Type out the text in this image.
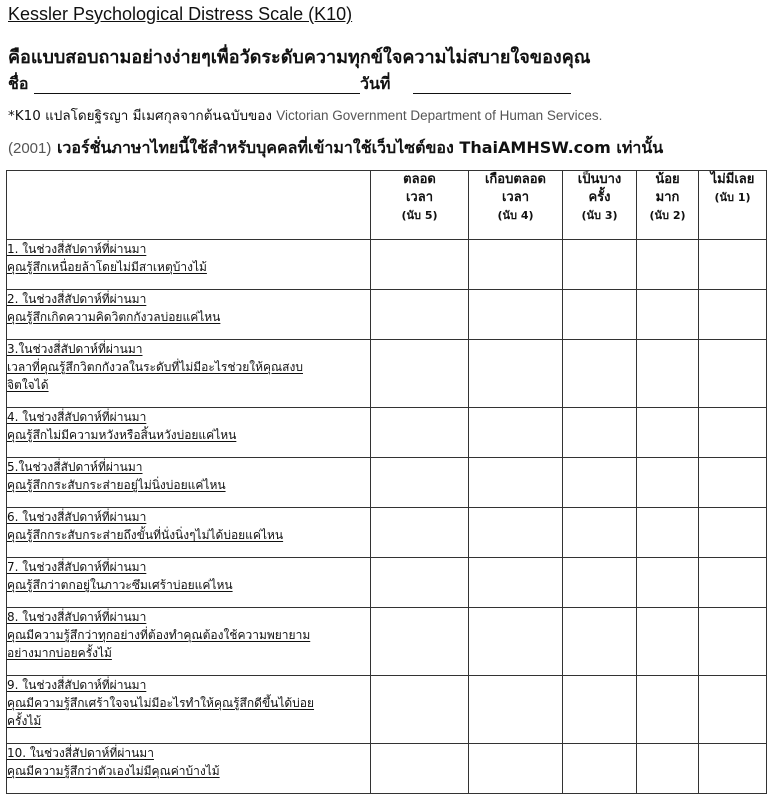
Kessler Psychological Distress Scale (K10)
คือแบบสอบถามอย่างง่ายๆเพื่อวัดระดับความทุกข์ใจความไม่สบายใจของคุณ
ชื่อ	วันที่
*K10 แปลโดยฐิรญา มีเมศกุลจากต้นฉบับของ Victorian Government Department of Human Services.
(2001) เวอร์ชั่นภาษาไทยนี้ใช้สำหรับบุคคลที่เข้ามาใช้เว็บไซต์ของ ThaiAMHSW.com เท่านั้น
	ตลอด
เวลา
(นับ 5)	เกือบตลอด
เวลา
(นับ 4)	เป็นบาง
ครั้ง
(นับ 3)	น้อย
มาก
(นับ 2)	ไม่มีเลย
(นับ 1)

1. ในช่วงสี่สัปดาห์ที่ผ่านมา
คุณรู้สึกเหนื่อยล้าโดยไม่มีสาเหตุบ้างไม้					

2. ในช่วงสี่สัปดาห์ที่ผ่านมา
คุณรู้สึกเกิดความคิดวิตกกังวลบ่อยแค่ไหน					

3.ในช่วงสี่สัปดาห์ที่ผ่านมา
เวลาที่คุณรู้สึกวิตกกังวลในระดับที่ไม่มีอะไรช่วยให้คุณสงบ
จิตใจได้					

4. ในช่วงสี่สัปดาห์ที่ผ่านมา
คุณรู้สึกไม่มีความหวังหรือสิ้นหวังบ่อยแค่ไหน					

5.ในช่วงสี่สัปดาห์ที่ผ่านมา
คุณรู้สึกกระสับกระส่ายอยู่ไม่นิ่งบ่อยแค่ไหน					

6. ในช่วงสี่สัปดาห์ที่ผ่านมา
คุณรู้สึกกระสับกระส่ายถึงขั้นที่นั่งนิ่งๆไม่ได้บ่อยแค่ไหน					

7. ในช่วงสี่สัปดาห์ที่ผ่านมา
คุณรู้สึกว่าตกอยู่ในภาวะซึมเศร้าบ่อยแค่ไหน					

8. ในช่วงสี่สัปดาห์ที่ผ่านมา
คุณมีความรู้สึกว่าทุกอย่างที่ต้องทำคุณต้องใช้ความพยายาม
อย่างมากบ่อยครั้งไม้					

9. ในช่วงสี่สัปดาห์ที่ผ่านมา
คุณมีความรู้สึกเศร้าใจจนไม่มีอะไรทำให้คุณรู้สึกดีขึ้นได้บ่อย
ครั้งไม้					

10. ในช่วงสี่สัปดาห์ที่ผ่านมา
คุณมีความรู้สึกว่าตัวเองไม่มีคุณค่าบ้างไม้					
